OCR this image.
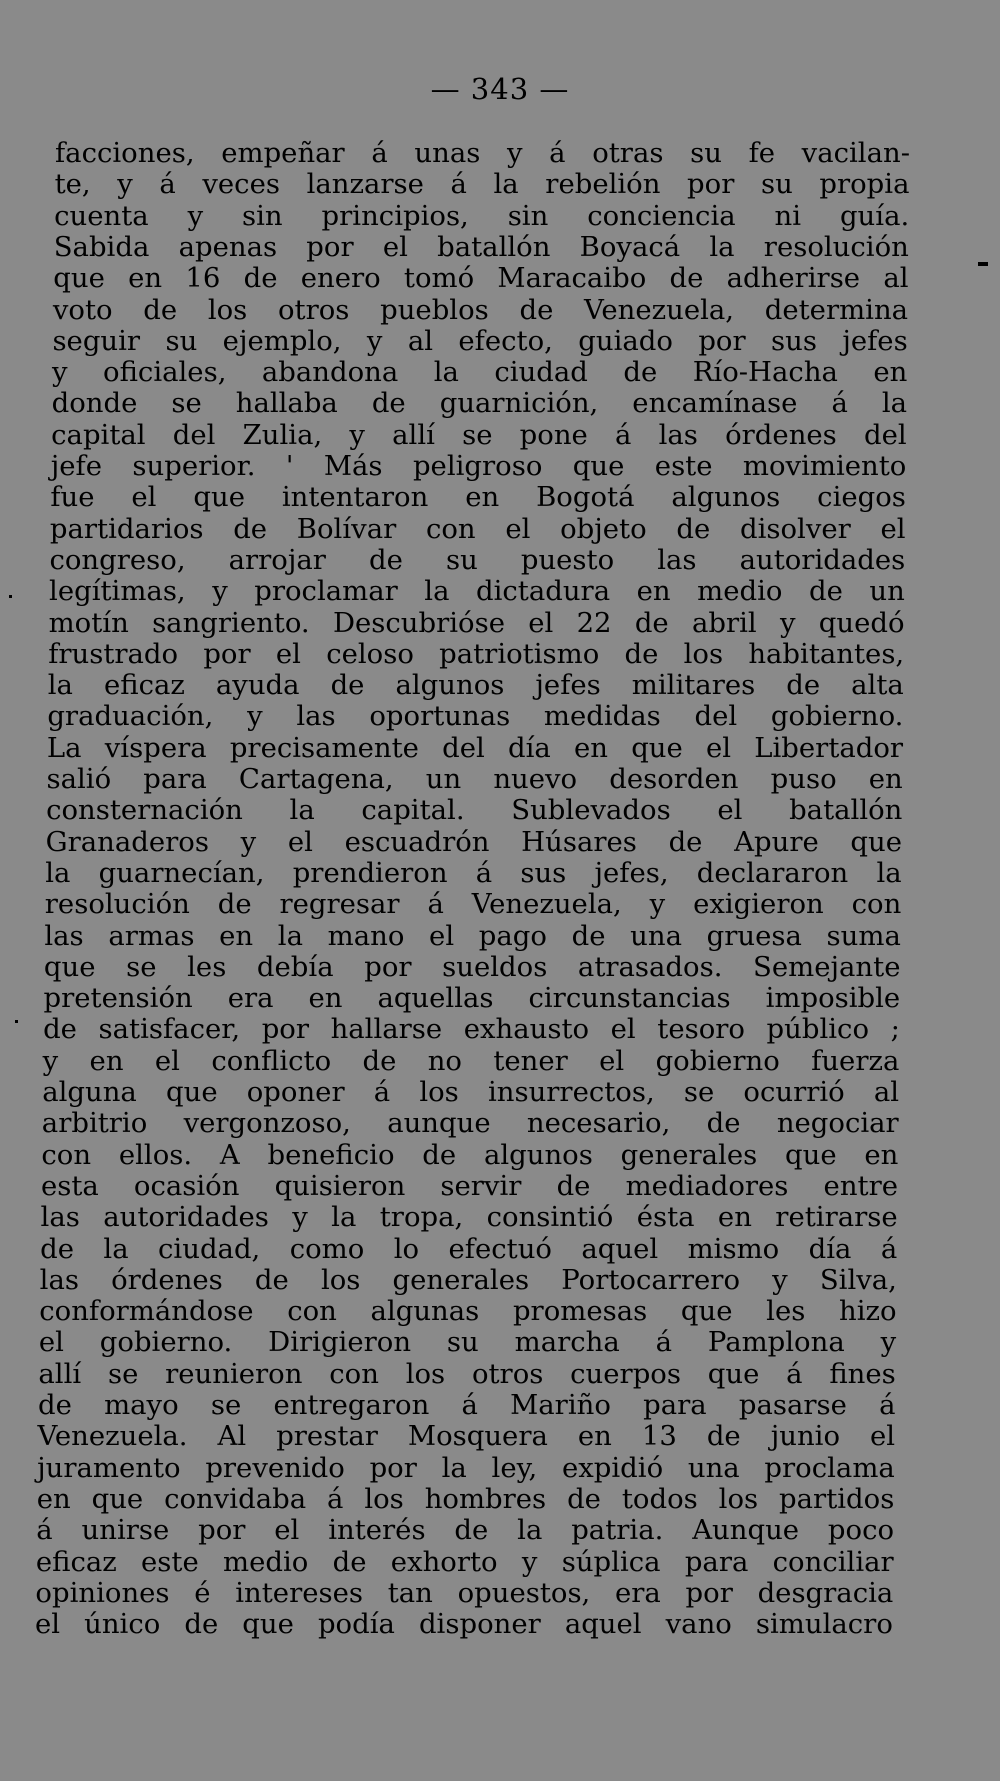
— 343 —
facciones, empeñar á unas y á otras su fe vacilan-
te, y á veces lanzarse á la rebelión por su propia
cuenta y sin principios, sin conciencia ni guía.
Sabida apenas por el batallón Boyacá la resolución
que en 16 de enero tomó Maracaibo de adherirse al
voto de los otros pueblos de Venezuela, determina
seguir su ejemplo, y al efecto, guiado por sus jefes
y oficiales, abandona la ciudad de Río-Hacha en
donde se hallaba de guarnición, encamínase á la
capital del Zulia, y allí se pone á las órdenes del
jefe superior. ' Más peligroso que este movimiento
fue el que intentaron en Bogotá algunos ciegos
partidarios de Bolívar con el objeto de disolver el
congreso, arrojar de su puesto las autoridades
legítimas, y proclamar la dictadura en medio de un
motín sangriento. Descubrióse el 22 de abril y quedó
frustrado por el celoso patriotismo de los habitantes,
la eficaz ayuda de algunos jefes militares de alta
graduación, y las oportunas medidas del gobierno.
La víspera precisamente del día en que el Libertador
salió para Cartagena, un nuevo desorden puso en
consternación la capital. Sublevados el batallón
Granaderos y el escuadrón Húsares de Apure que
la guarnecían, prendieron á sus jefes, declararon la
resolución de regresar á Venezuela, y exigieron con
las armas en la mano el pago de una gruesa suma
que se les debía por sueldos atrasados. Semejante
pretensión era en aquellas circunstancias imposible
de satisfacer, por hallarse exhausto el tesoro público ;
y en el conflicto de no tener el gobierno fuerza
alguna que oponer á los insurrectos, se ocurrió al
arbitrio vergonzoso, aunque necesario, de negociar
con ellos. A beneficio de algunos generales que en
esta ocasión quisieron servir de mediadores entre
las autoridades y la tropa, consintió ésta en retirarse
de la ciudad, como lo efectuó aquel mismo día á
las órdenes de los generales Portocarrero y Silva,
conformándose con algunas promesas que les hizo
el gobierno. Dirigieron su marcha á Pamplona y
allí se reunieron con los otros cuerpos que á fines
de mayo se entregaron á Mariño para pasarse á
Venezuela. Al prestar Mosquera en 13 de junio el
juramento prevenido por la ley, expidió una proclama
en que convidaba á los hombres de todos los partidos
á unirse por el interés de la patria. Aunque poco
eficaz este medio de exhorto y súplica para conciliar
opiniones é intereses tan opuestos, era por desgracia
el único de que podía disponer aquel vano simulacro
